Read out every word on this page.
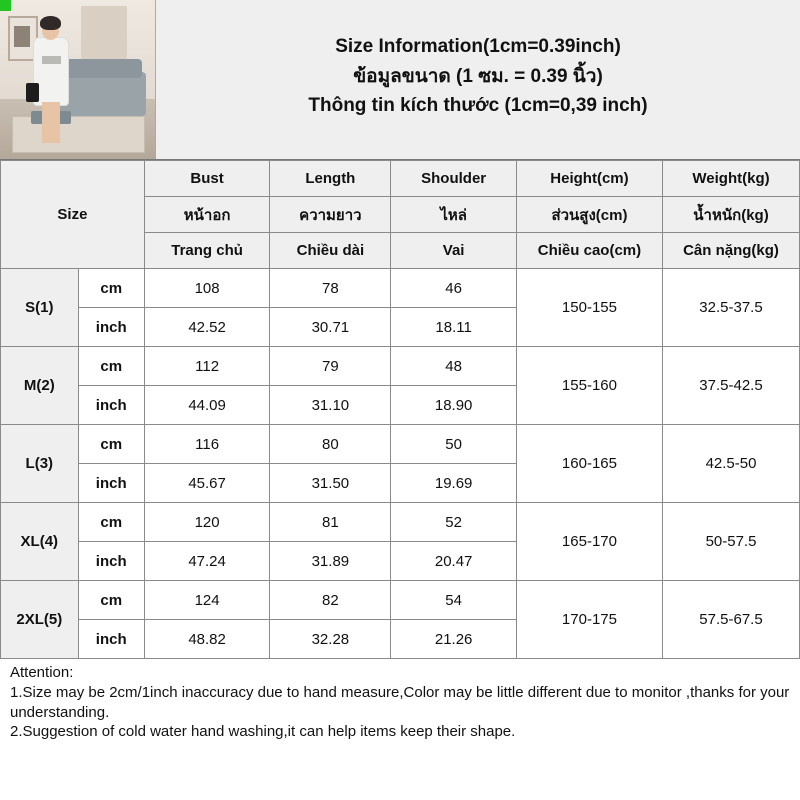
Size Information(1cm=0.39inch)
ข้อมูลขนาด (1 ซม. = 0.39 นิ้ว)
Thông tin kích thước (1cm=0,39 inch)
Size		Bust	Length	Shoulder	Height(cm)	Weight(kg)
		หน้าอก	ความยาว	ไหล่	ส่วนสูง(cm)	น้ำหนัก(kg)
		Trang chủ	Chiều dài	Vai	Chiều cao(cm)	Cân nặng(kg)
S(1)	cm	108	78	46	150-155	32.5-37.5
	inch	42.52	30.71	18.11		
M(2)	cm	112	79	48	155-160	37.5-42.5
	inch	44.09	31.10	18.90		
L(3)	cm	116	80	50	160-165	42.5-50
	inch	45.67	31.50	19.69		
XL(4)	cm	120	81	52	165-170	50-57.5
	inch	47.24	31.89	20.47		
2XL(5)	cm	124	82	54	170-175	57.5-67.5
	inch	48.82	32.28	21.26		

Attention:

1.Size may be 2cm/1inch inaccuracy due to hand measure,Color may be little different due to monitor ,thanks for your understanding.

2.Suggestion of cold water hand washing,it can help items keep their shape.
